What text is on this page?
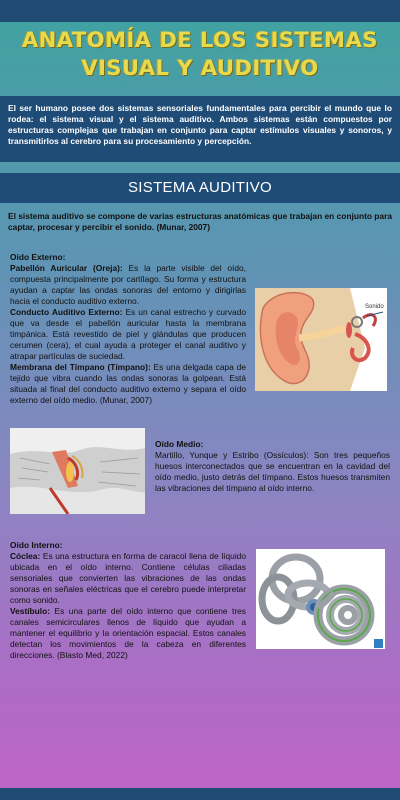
ANATOMÍA DE LOS SISTEMAS
VISUAL Y AUDITIVO
El ser humano posee dos sistemas sensoriales fundamentales para percibir el mundo que lo rodea: el sistema visual y el sistema auditivo. Ambos sistemas están compuestos por estructuras complejas que trabajan en conjunto para captar estímulos visuales y sonoros, y transmitirlos al cerebro para su procesamiento y percepción.
SISTEMA AUDITIVO
El sistema auditivo se compone de varias estructuras anatómicas que trabajan en conjunto para captar, procesar y percibir el sonido. (Munar, 2007)
Oído Externo:
Pabellón Auricular (Oreja): Es la parte visible del oído, compuesta principalmente por cartílago. Su forma y estructura ayudan a captar las ondas sonoras del entorno y dirigirlas hacia el conducto auditivo externo.
Conducto Auditivo Externo: Es un canal estrecho y curvado que va desde el pabellón auricular hasta la membrana timpánica. Está revestido de piel y glándulas que producen cerumen (cera), el cual ayuda a proteger el canal auditivo y atrapar partículas de suciedad.
Membrana del Tímpano (Tímpano): Es una delgada capa de tejido que vibra cuando las ondas sonoras la golpean. Está situada al final del conducto auditivo externo y separa el oído externo del oído medio. (Munar, 2007)
Sonido
Oído Medio:
Martillo, Yunque y Estribo (Ossículos): Son tres pequeños huesos interconectados que se encuentran en la cavidad del oído medio, justo detrás del tímpano. Estos huesos transmiten las vibraciones del tímpano al oído interno.
Oído Interno:
Cóclea: Es una estructura en forma de caracol llena de líquido ubicada en el oído interno. Contiene células ciliadas sensoriales que convierten las vibraciones de las ondas sonoras en señales eléctricas que el cerebro puede interpretar como sonido.
Vestíbulo: Es una parte del oído interno que contiene tres canales semicirculares llenos de líquido que ayudan a mantener el equilibrio y la orientación espacial. Estos canales detectan los movimientos de la cabeza en diferentes direcciones. (Blasto Med, 2022)
